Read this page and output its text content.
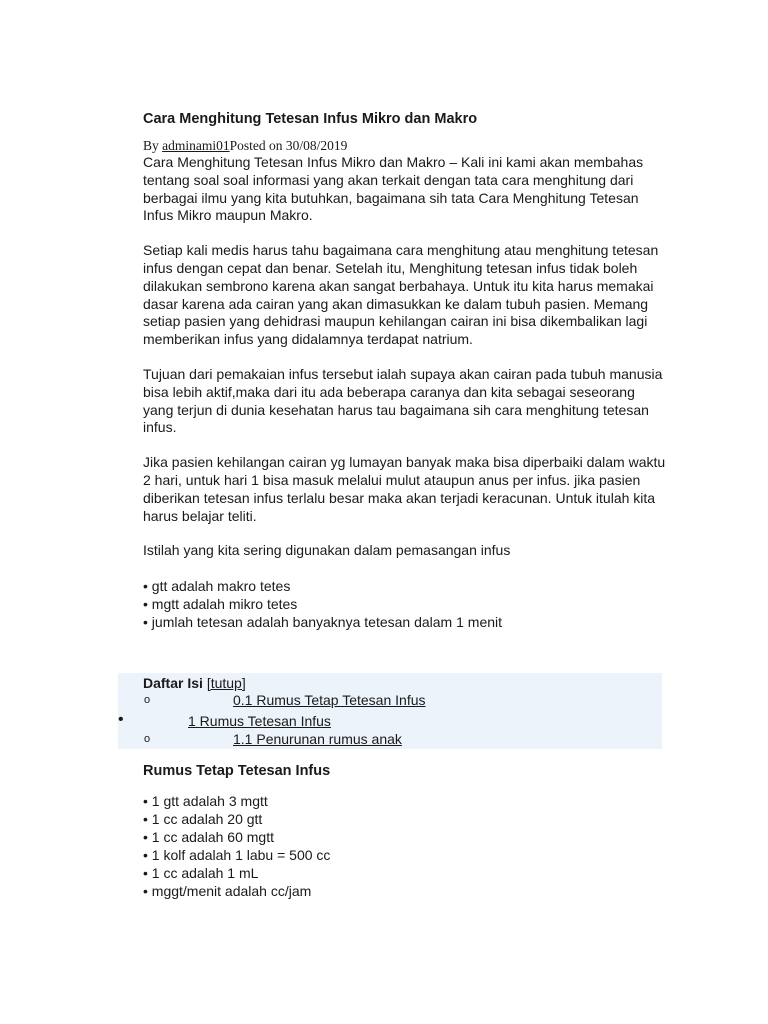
Cara Menghitung Tetesan Infus Mikro dan Makro
By adminami01Posted on 30/08/2019

Cara Menghitung Tetesan Infus Mikro dan Makro – Kali ini kami akan membahas tentang soal soal informasi yang akan terkait dengan tata cara menghitung dari berbagai ilmu yang kita butuhkan, bagaimana sih tata Cara Menghitung Tetesan Infus Mikro maupun Makro.

Setiap kali medis harus tahu bagaimana cara menghitung atau menghitung tetesan infus dengan cepat dan benar. Setelah itu, Menghitung tetesan infus tidak boleh dilakukan sembrono karena akan sangat berbahaya. Untuk itu kita harus memakai dasar karena ada cairan yang akan dimasukkan ke dalam tubuh pasien. Memang setiap pasien yang dehidrasi maupun kehilangan cairan ini bisa dikembalikan lagi memberikan infus yang didalamnya terdapat natrium.

Tujuan dari pemakaian infus tersebut ialah supaya akan cairan pada tubuh manusia bisa lebih aktif,maka dari itu ada beberapa caranya dan kita sebagai seseorang yang terjun di dunia kesehatan harus tau bagaimana sih cara menghitung tetesan infus.

Jika pasien kehilangan cairan yg lumayan banyak maka bisa diperbaiki dalam waktu 2 hari, untuk hari 1 bisa masuk melalui mulut ataupun anus per infus. jika pasien diberikan tetesan infus terlalu besar maka akan terjadi keracunan. Untuk itulah kita harus belajar teliti.

Istilah yang kita sering digunakan dalam pemasangan infus

• gtt adalah makro tetes
• mgtt adalah mikro tetes
• jumlah tetesan adalah banyaknya tetesan dalam 1 menit
Daftar Isi [tutup]
o	0.1 Rumus Tetap Tetesan Infus
•	1 Rumus Tetesan Infus
o	1.1 Penurunan rumus anak
Rumus Tetap Tetesan Infus
• 1 gtt adalah 3 mgtt
• 1 cc adalah 20 gtt
• 1 cc adalah 60 mgtt
• 1 kolf adalah 1 labu = 500 cc
• 1 cc adalah 1 mL
• mggt/menit adalah cc/jam
